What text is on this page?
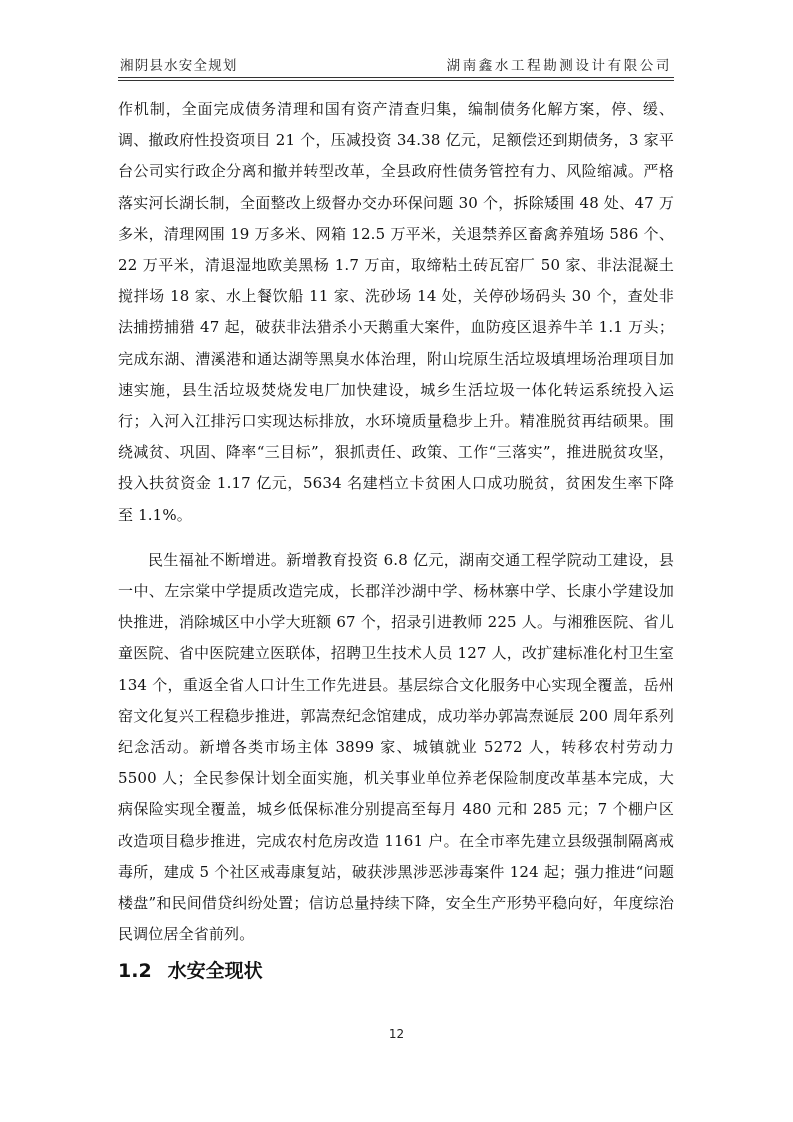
湘阴县水安全规划	湖南鑫水工程勘测设计有限公司

作机制，全面完成债务清理和国有资产清查归集，编制债务化解方案，停、缓、调、撤政府性投资项目 21 个，压减投资 34.38 亿元，足额偿还到期债务，3 家平台公司实行政企分离和撤并转型改革，全县政府性债务管控有力、风险缩减。严格落实河长湖长制，全面整改上级督办交办环保问题 30 个，拆除矮围 48 处、47 万多米，清理网围 19 万多米、网箱 12.5 万平米，关退禁养区畜禽养殖场 586 个、22 万平米，清退湿地欧美黑杨 1.7 万亩，取缔粘土砖瓦窑厂 50 家、非法混凝土搅拌场 18 家、水上餐饮船 11 家、洗砂场 14 处，关停砂场码头 30 个，查处非法捕捞捕猎 47 起，破获非法猎杀小天鹅重大案件，血防疫区退养牛羊 1.1 万头；完成东湖、漕溪港和通达湖等黑臭水体治理，附山垸原生活垃圾填埋场治理项目加速实施，县生活垃圾焚烧发电厂加快建设，城乡生活垃圾一体化转运系统投入运行；入河入江排污口实现达标排放，水环境质量稳步上升。精准脱贫再结硕果。围绕减贫、巩固、降率“三目标”，狠抓责任、政策、工作“三落实”，推进脱贫攻坚，投入扶贫资金 1.17 亿元，5634 名建档立卡贫困人口成功脱贫，贫困发生率下降至 1.1%。

民生福祉不断增进。新增教育投资 6.8 亿元，湖南交通工程学院动工建设，县一中、左宗棠中学提质改造完成，长郡洋沙湖中学、杨林寨中学、长康小学建设加快推进，消除城区中小学大班额 67 个，招录引进教师 225 人。与湘雅医院、省儿童医院、省中医院建立医联体，招聘卫生技术人员 127 人，改扩建标准化村卫生室 134 个，重返全省人口计生工作先进县。基层综合文化服务中心实现全覆盖，岳州窑文化复兴工程稳步推进，郭嵩焘纪念馆建成，成功举办郭嵩焘诞辰 200 周年系列纪念活动。新增各类市场主体 3899 家、城镇就业 5272 人，转移农村劳动力 5500 人；全民参保计划全面实施，机关事业单位养老保险制度改革基本完成，大病保险实现全覆盖，城乡低保标准分别提高至每月 480 元和 285 元；7 个棚户区改造项目稳步推进，完成农村危房改造 1161 户。在全市率先建立县级强制隔离戒毒所，建成 5 个社区戒毒康复站，破获涉黑涉恶涉毒案件 124 起；强力推进“问题楼盘”和民间借贷纠纷处置；信访总量持续下降，安全生产形势平稳向好，年度综治民调位居全省前列。

1.2 水安全现状
12
